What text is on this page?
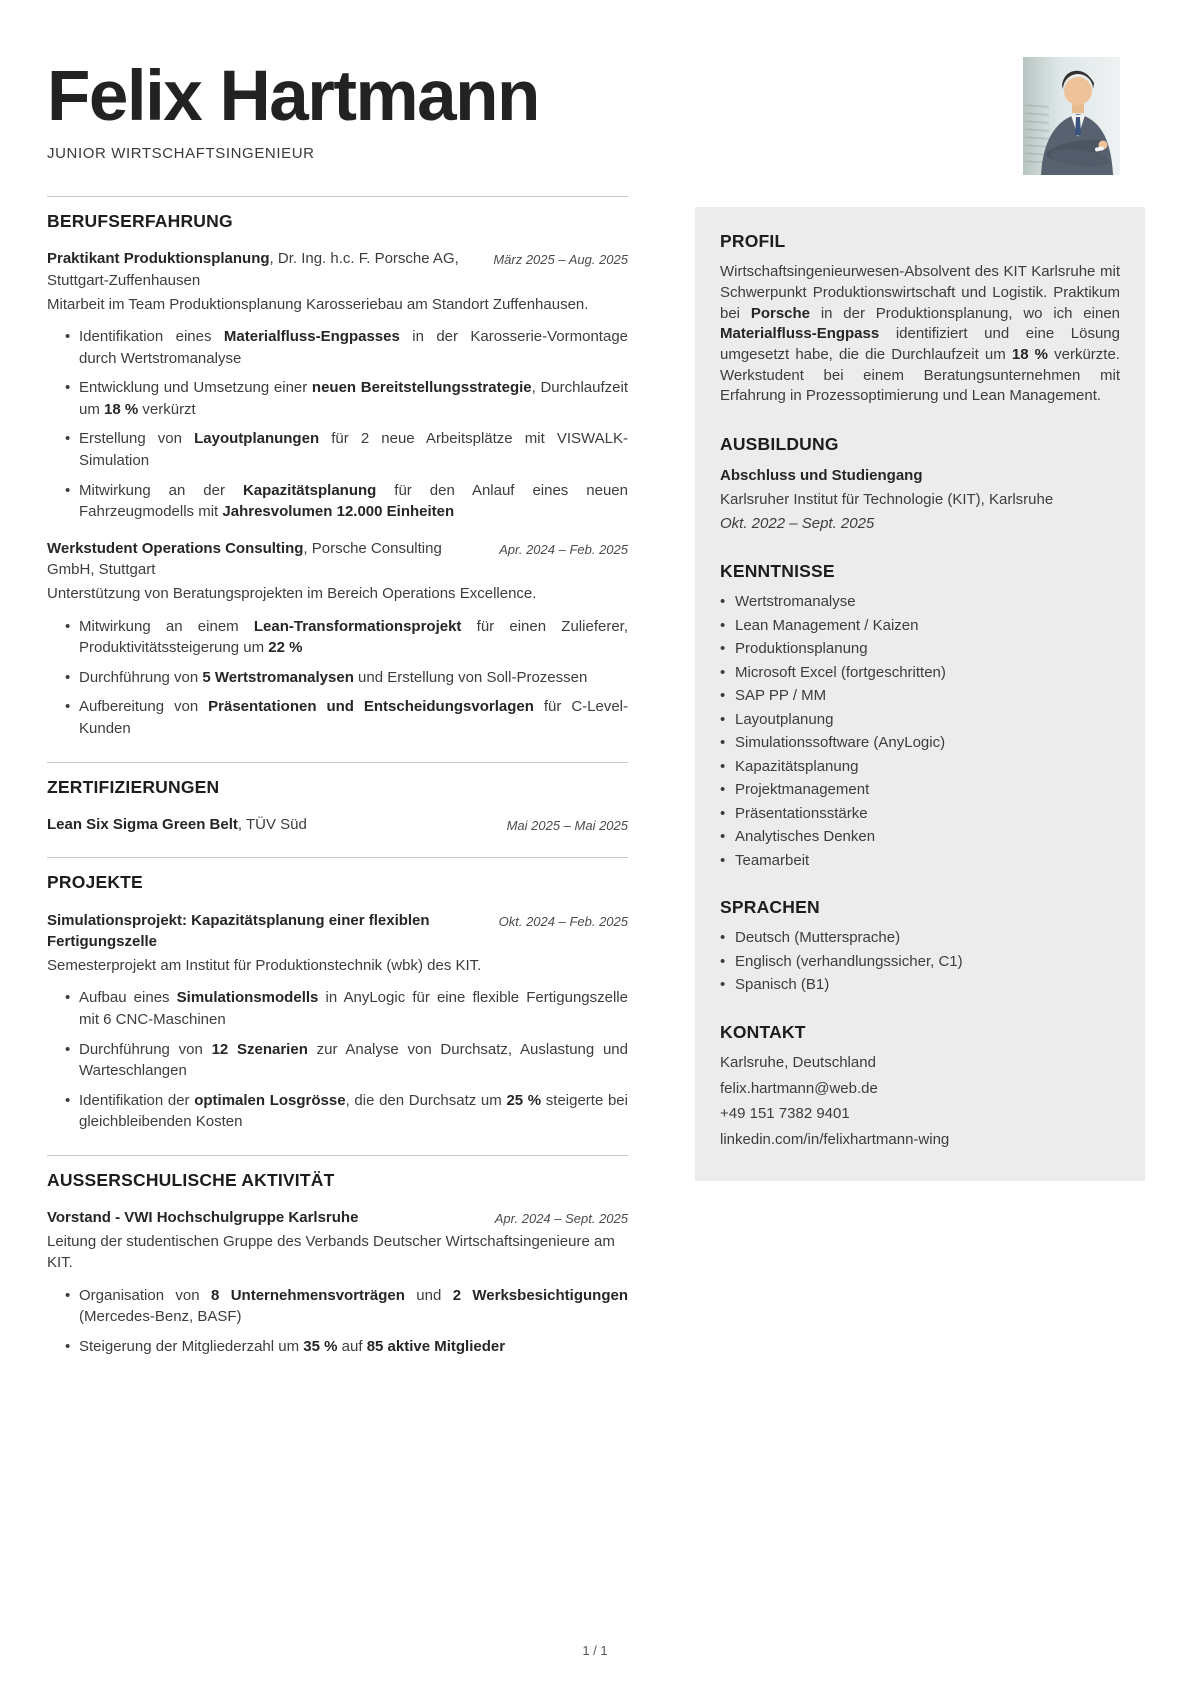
Felix Hartmann
JUNIOR WIRTSCHAFTSINGENIEUR
BERUFSERFAHRUNG

März 2025 – Aug. 2025
Praktikant Produktionsplanung, Dr. Ing. h.c. F. Porsche AG, Stuttgart-Zuffenhausen

Mitarbeit im Team Produktionsplanung Karosseriebau am Standort Zuffenhausen.

• Identifikation eines Materialfluss-Engpasses in der Karosserie-Vormontage durch Wertstromanalyse
• Entwicklung und Umsetzung einer neuen Bereitstellungsstrategie, Durchlaufzeit um 18 % verkürzt
• Erstellung von Layoutplanungen für 2 neue Arbeitsplätze mit VISWALK-Simulation
• Mitwirkung an der Kapazitätsplanung für den Anlauf eines neuen Fahrzeugmodells mit Jahresvolumen 12.000 Einheiten

Apr. 2024 – Feb. 2025
Werkstudent Operations Consulting, Porsche Consulting GmbH, Stuttgart

Unterstützung von Beratungsprojekten im Bereich Operations Excellence.

• Mitwirkung an einem Lean-Transformationsprojekt für einen Zulieferer, Produktivitätssteigerung um 22 %
• Durchführung von 5 Wertstromanalysen und Erstellung von Soll-Prozessen
• Aufbereitung von Präsentationen und Entscheidungsvorlagen für C-Level-Kunden
ZERTIFIZIERUNGEN

Mai 2025 – Mai 2025
Lean Six Sigma Green Belt, TÜV Süd

PROJEKTE

Okt. 2024 – Feb. 2025
Simulationsprojekt: Kapazitätsplanung einer flexiblen Fertigungszelle

Semesterprojekt am Institut für Produktionstechnik (wbk) des KIT.

• Aufbau eines Simulationsmodells in AnyLogic für eine flexible Fertigungszelle mit 6 CNC-Maschinen
• Durchführung von 12 Szenarien zur Analyse von Durchsatz, Auslastung und Warteschlangen
• Identifikation der optimalen Losgrösse, die den Durchsatz um 25 % steigerte bei gleichbleibenden Kosten
AUSSERSCHULISCHE AKTIVITÄT

Apr. 2024 – Sept. 2025
Vorstand - VWI Hochschulgruppe Karlsruhe

Leitung der studentischen Gruppe des Verbands Deutscher Wirtschaftsingenieure am KIT.

• Organisation von 8 Unternehmensvorträgen und 2 Werksbesichtigungen (Mercedes-Benz, BASF)
• Steigerung der Mitgliederzahl um 35 % auf 85 aktive Mitglieder
PROFIL

Wirtschaftsingenieurwesen-Absolvent des KIT Karlsruhe mit Schwerpunkt Produktionswirtschaft und Logistik. Praktikum bei Porsche in der Produktionsplanung, wo ich einen Materialfluss-Engpass identifiziert und eine Lösung umgesetzt habe, die die Durchlaufzeit um 18 % verkürzte. Werkstudent bei einem Beratungsunternehmen mit Erfahrung in Prozessoptimierung und Lean Management.

AUSBILDUNG
Abschluss und Studiengang
Karlsruher Institut für Technologie (KIT), Karlsruhe
Okt. 2022 – Sept. 2025
KENNTNISSE
• Wertstromanalyse
• Lean Management / Kaizen
• Produktionsplanung
• Microsoft Excel (fortgeschritten)
• SAP PP / MM
• Layoutplanung
• Simulationssoftware (AnyLogic)
• Kapazitätsplanung
• Projektmanagement
• Präsentationsstärke
• Analytisches Denken
• Teamarbeit
SPRACHEN
• Deutsch (Muttersprache)
• Englisch (verhandlungssicher, C1)
• Spanisch (B1)
KONTAKT
Karlsruhe, Deutschland
felix.hartmann@web.de
+49 151 7382 9401
linkedin.com/in/felixhartmann-wing
1 / 1
